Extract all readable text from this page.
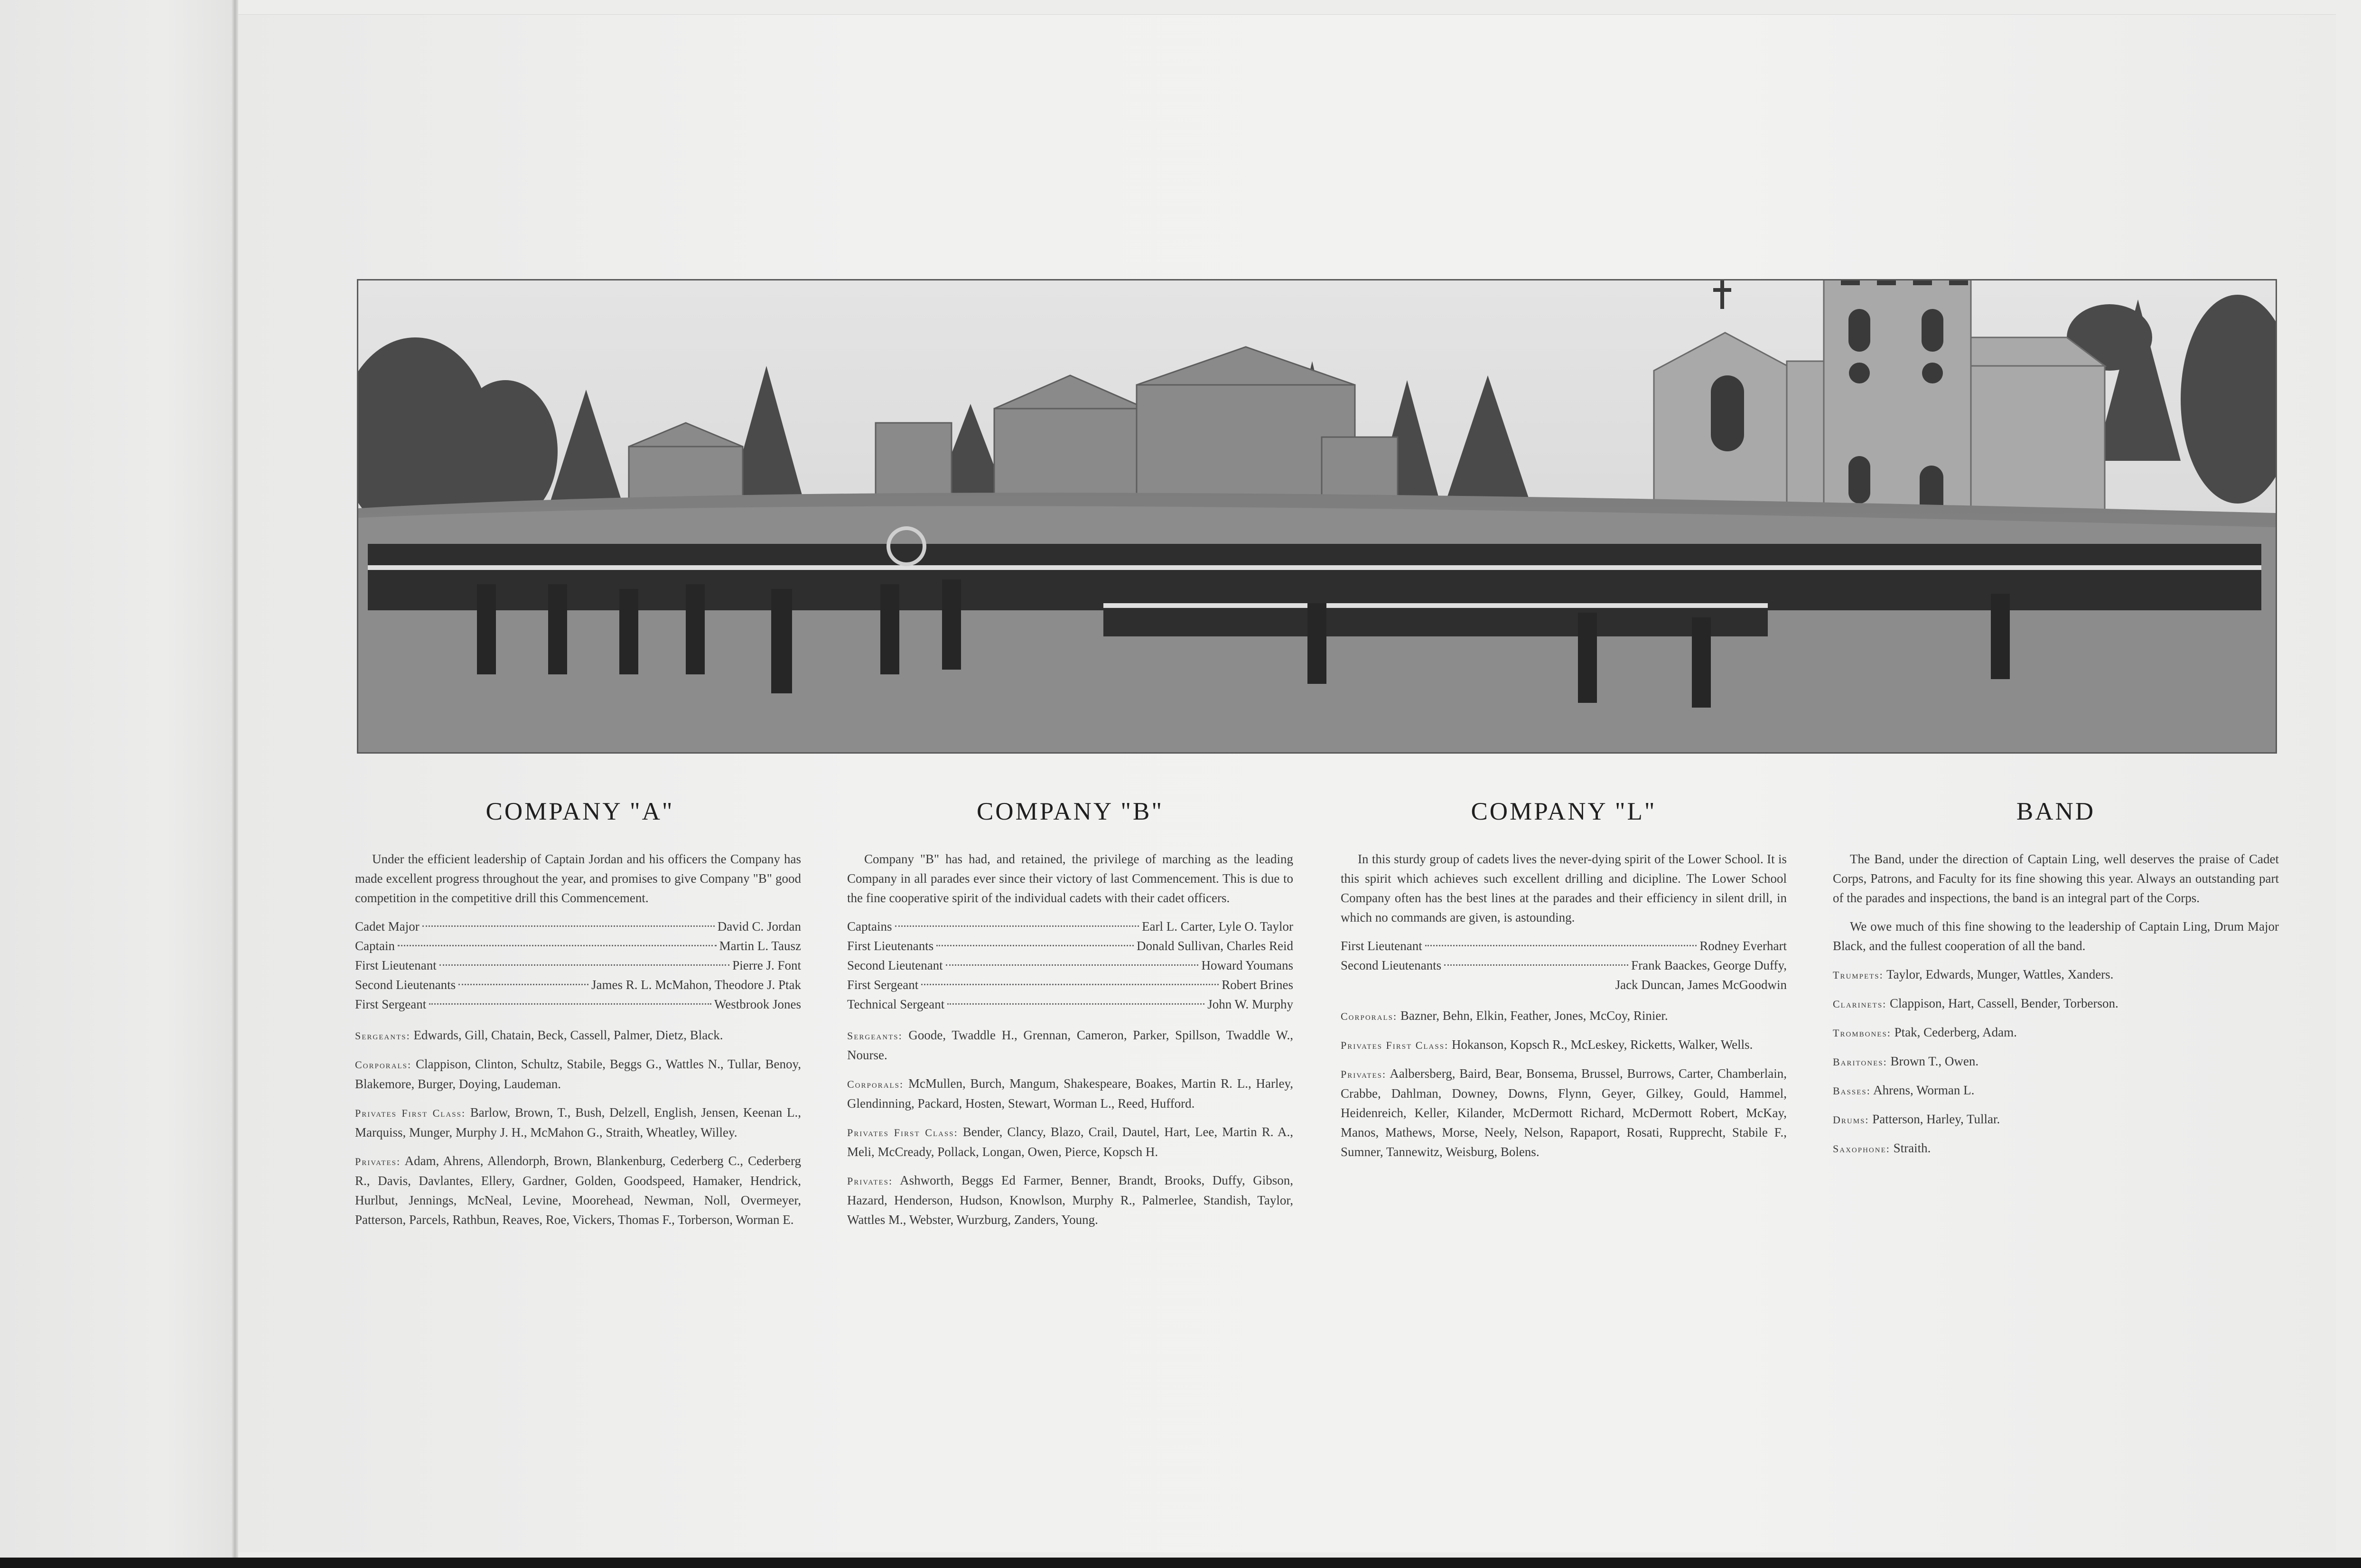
COMPANY "A"	COMPANY "B"	COMPANY "L"	BAND

Under the efficient leadership of Captain Jordan and his officers the Company has made excellent progress throughout the year, and promises to give Company "B" good competition in the competitive drill this Commencement.

Cadet Major	David C. Jordan
Captain	Martin L. Tausz
First Lieutenant	Pierre J. Font
Second Lieutenants	James R. L. McMahon, Theodore J. Ptak
First Sergeant	Westbrook Jones

Sergeants: Edwards, Gill, Chatain, Beck, Cassell, Palmer, Dietz, Black.

Corporals: Clappison, Clinton, Schultz, Stabile, Beggs G., Wattles N., Tullar, Benoy, Blakemore, Burger, Doying, Laudeman.

Privates First Class: Barlow, Brown, T., Bush, Delzell, English, Jensen, Keenan L., Marquiss, Munger, Murphy J. H., McMahon G., Straith, Wheatley, Willey.

Privates: Adam, Ahrens, Allendorph, Brown, Blankenburg, Cederberg C., Cederberg R., Davis, Davlantes, Ellery, Gardner, Golden, Goodspeed, Hamaker, Hendrick, Hurlbut, Jennings, McNeal, Levine, Moorehead, Newman, Noll, Overmeyer, Patterson, Parcels, Rathbun, Reaves, Roe, Vickers, Thomas F., Torberson, Worman E.

Company "B" has had, and retained, the privilege of marching as the leading Company in all parades ever since their victory of last Commencement. This is due to the fine cooperative spirit of the individual cadets with their cadet officers.

Captains	Earl L. Carter, Lyle O. Taylor
First Lieutenants	Donald Sullivan, Charles Reid
Second Lieutenant	Howard Youmans
First Sergeant	Robert Brines
Technical Sergeant	John W. Murphy

Sergeants: Goode, Twaddle H., Grennan, Cameron, Parker, Spillson, Twaddle W., Nourse.

Corporals: McMullen, Burch, Mangum, Shakespeare, Boakes, Martin R. L., Harley, Glendinning, Packard, Hosten, Stewart, Worman L., Reed, Hufford.

Privates First Class: Bender, Clancy, Blazo, Crail, Dautel, Hart, Lee, Martin R. A., Meli, McCready, Pollack, Longan, Owen, Pierce, Kopsch H.

Privates: Ashworth, Beggs Ed Farmer, Benner, Brandt, Brooks, Duffy, Gibson, Hazard, Henderson, Hudson, Knowlson, Murphy R., Palmerlee, Standish, Taylor, Wattles M., Webster, Wurzburg, Zanders, Young.

In this sturdy group of cadets lives the never-dying spirit of the Lower School. It is this spirit which achieves such excellent drilling and dicipline. The Lower School Company often has the best lines at the parades and their efficiency in silent drill, in which no commands are given, is astounding.

First Lieutenant	Rodney Everhart
Second Lieutenants	Frank Baackes, George Duffy,
Jack Duncan, James McGoodwin

Corporals: Bazner, Behn, Elkin, Feather, Jones, McCoy, Rinier.

Privates First Class: Hokanson, Kopsch R., McLeskey, Ricketts, Walker, Wells.

Privates: Aalbersberg, Baird, Bear, Bonsema, Brussel, Burrows, Carter, Chamberlain, Crabbe, Dahlman, Downey, Downs, Flynn, Geyer, Gilkey, Gould, Hammel, Heidenreich, Keller, Kilander, McDermott Richard, McDermott Robert, McKay, Manos, Mathews, Morse, Neely, Nelson, Rapaport, Rosati, Rupprecht, Stabile F., Sumner, Tannewitz, Weisburg, Bolens.

The Band, under the direction of Captain Ling, well deserves the praise of Cadet Corps, Patrons, and Faculty for its fine showing this year. Always an outstanding part of the parades and inspections, the band is an integral part of the Corps.

We owe much of this fine showing to the leadership of Captain Ling, Drum Major Black, and the fullest cooperation of all the band.

Trumpets: Taylor, Edwards, Munger, Wattles, Xanders.

Clarinets: Clappison, Hart, Cassell, Bender, Torberson.

Trombones: Ptak, Cederberg, Adam.

Baritones: Brown T., Owen.

Basses: Ahrens, Worman L.

Drums: Patterson, Harley, Tullar.

Saxophone: Straith.
